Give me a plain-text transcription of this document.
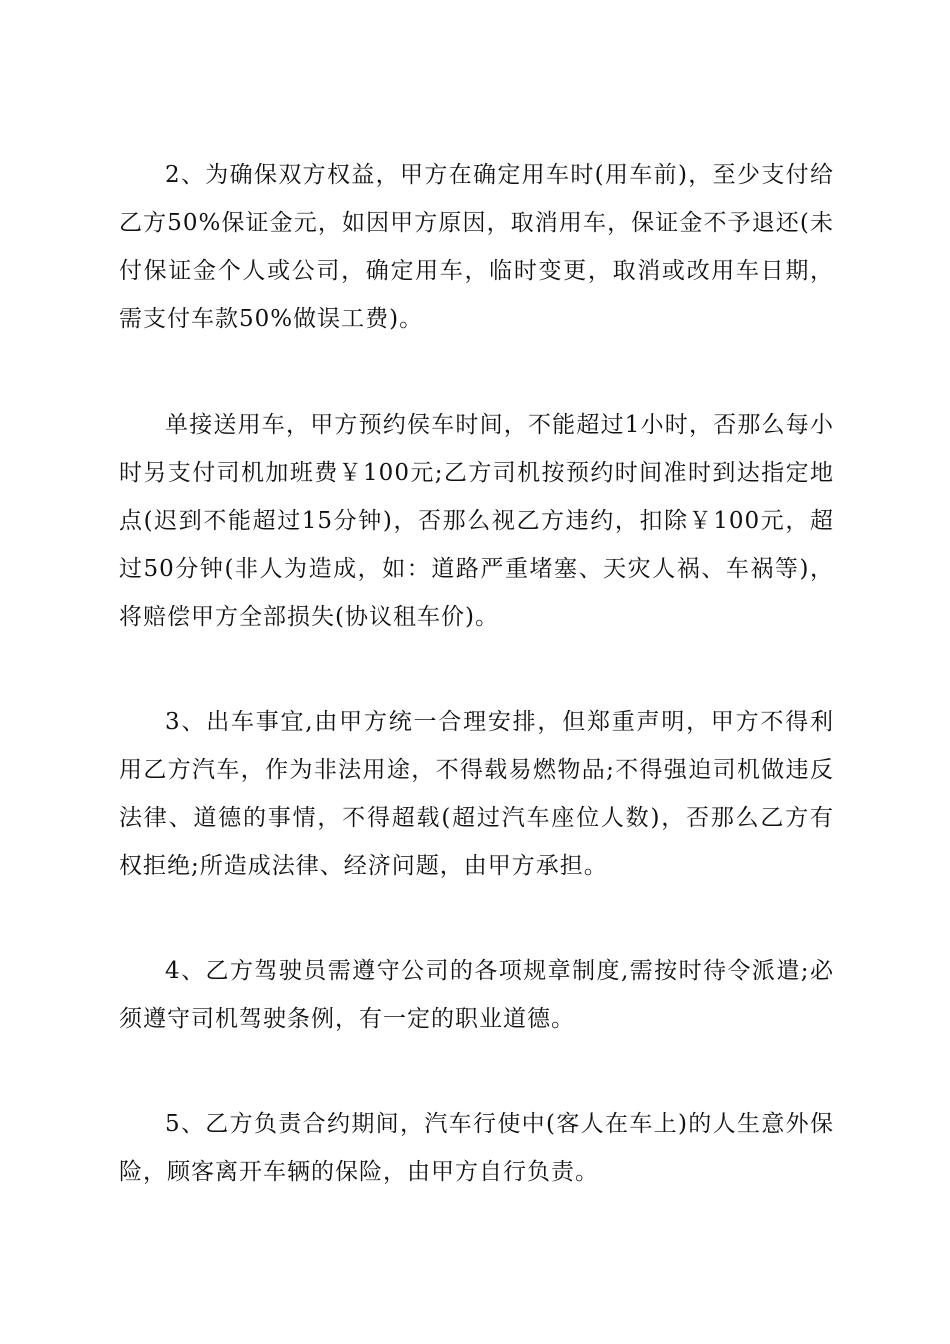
2、为确保双方权益，甲方在确定用车时(用车前)，至少支付给乙方50%保证金元，如因甲方原因，取消用车，保证金不予退还(未付保证金个人或公司，确定用车，临时变更，取消或改用车日期，需支付车款50%做误工费)。

单接送用车，甲方预约侯车时间，不能超过1小时，否那么每小时另支付司机加班费￥100元;乙方司机按预约时间准时到达指定地点(迟到不能超过15分钟)，否那么视乙方违约，扣除￥100元，超过50分钟(非人为造成，如：道路严重堵塞、天灾人祸、车祸等)，将赔偿甲方全部损失(协议租车价)。

3、出车事宜,由甲方统一合理安排，但郑重声明，甲方不得利用乙方汽车，作为非法用途，不得载易燃物品;不得强迫司机做违反法律、道德的事情，不得超载(超过汽车座位人数)，否那么乙方有权拒绝;所造成法律、经济问题，由甲方承担。

4、乙方驾驶员需遵守公司的各项规章制度,需按时待令派遣;必须遵守司机驾驶条例，有一定的职业道德。

5、乙方负责合约期间，汽车行使中(客人在车上)的人生意外保险，顾客离开车辆的保险，由甲方自行负责。
